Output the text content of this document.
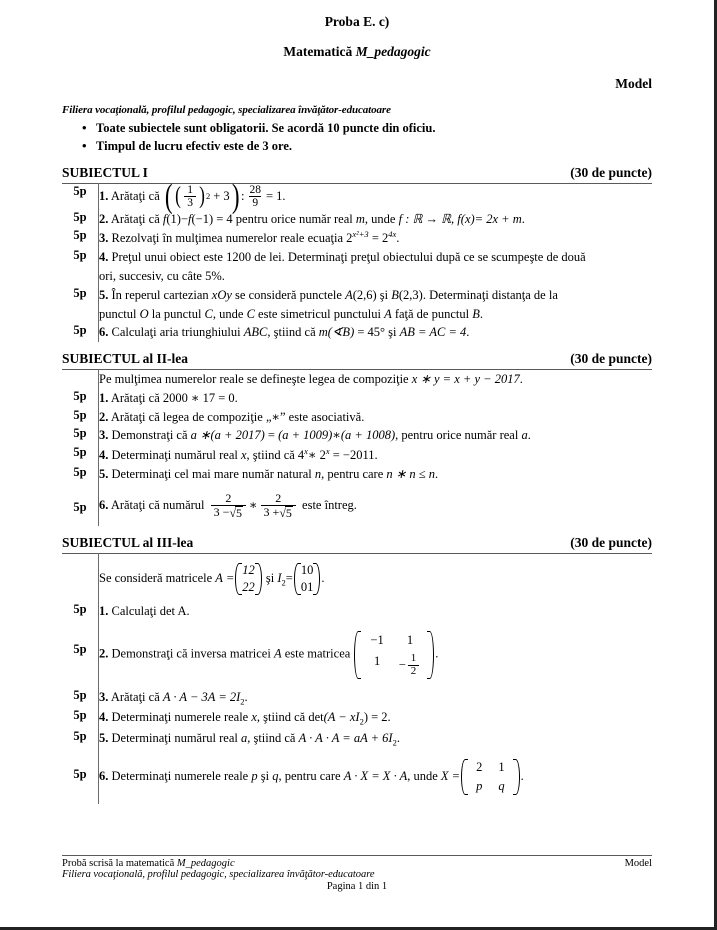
Proba E. c)
Matematică M_pedagogic
Model
Filiera vocaţională, profilul pedagogic, specializarea învăţător-educatoare
• Toate subiectele sunt obligatorii. Se acordă 10 puncte din oficiu.
• Timpul de lucru efectiv este de 3 ore.
SUBIECTUL I	(30 de puncte)
5p	1. Arătaţi că ( ( $\frac{1}{3}$ ) 2 + 3 ) : $\frac{28}{9} = 1$ .
5p	2. Arătaţi că f(1)−f(−1) = 4 pentru orice număr real m, unde f : ℝ → ℝ, f(x)= 2x + m.
5p	3. Rezolvaţi în mulţimea numerelor reale ecuaţia $2^{x^2+3} = 2^{4x}$.
5p	4. Preţul unui obiect este 1200 de lei. Determinaţi preţul obiectului după ce se scumpeşte de două
ori, succesiv, cu câte 5%.
5p	5. În reperul cartezian xOy se consideră punctele A(2,6) şi B(2,3). Determinaţi distanţa de la
punctul O la punctul C, unde C este simetricul punctului A faţă de punctul B.
5p	6. Calculaţi aria triunghiului ABC, ştiind că m(∢B) = 45° şi AB = AC = 4.
SUBIECTUL al II-lea	(30 de puncte)
	Pe mulţimea numerelor reale se defineşte legea de compoziţie x ∗ y = x + y − 2017.
5p	1. Arătaţi că 2000 ∗ 17 = 0.
5p	2. Arătaţi că legea de compoziţie „∗” este asociativă.
5p	3. Demonstraţi că a ∗(a + 2017) = (a + 1009)∗(a + 1008), pentru orice număr real a.
5p	4. Determinaţi numărul real x, ştiind că 4$^x$∗ $2^x = -2011$.
5p	5. Determinaţi cel mai mare număr natural n, pentru care n ∗ n ≤ n.
5p	6. Arătaţi că numărul $\frac{2}{3 -√5}$ ∗ $\frac{2}{3 +√5}$ este întreg.
SUBIECTUL al III-lea	(30 de puncte)
	Se consideră matricele A =
1	2
2	2
şi $I_2=$
1	0
0	1
.
5p	1. Calculaţi det A.
5p	2. Demonstraţi că inversa matricei A este matricea
−1	1
1	− $\frac{1}{2}$ .
5p	3. Arătaţi că $A \cdot A - 3A = 2I_2$.
5p	4. Determinaţi numerele reale x, ştiind că $\det(A - xI_2) = 2$.
5p	5. Determinaţi numărul real a, ştiind că A · A · A = aA + $6I_2$.
5p	6. Determinaţi numerele reale p şi q, pentru care A · X = X · A, unde X =
2	1
p	q
.
Probă scrisă la matematică M_pedagogic	Model
Filiera vocaţională, profilul pedagogic, specializarea învăţător-educatoare
Pagina 1 din 1
